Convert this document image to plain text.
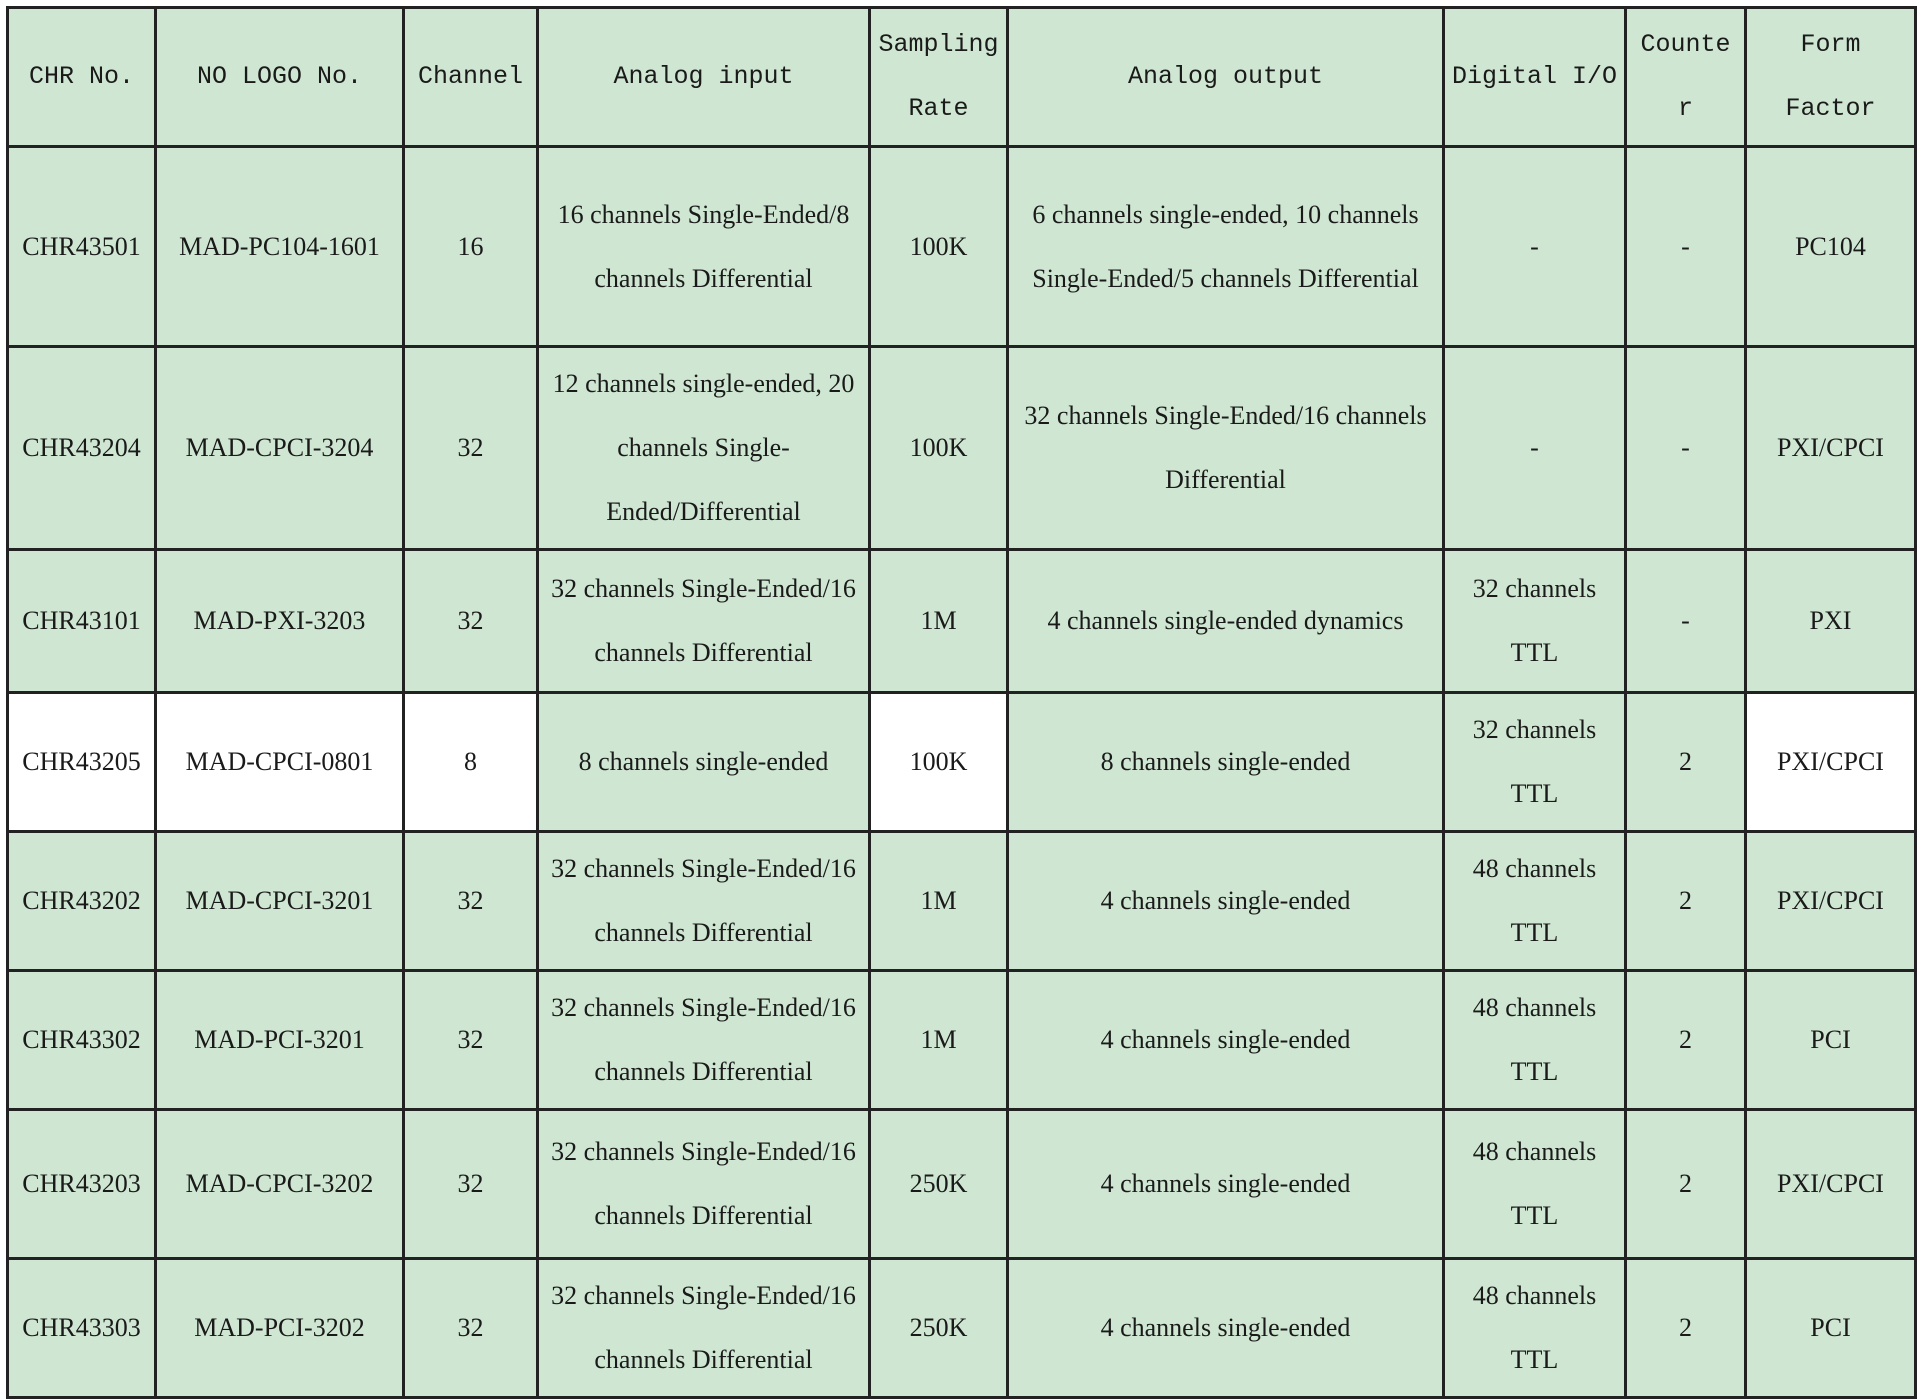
CHR No.	NO LOGO No.	Channel	Analog input	Sampling Rate	Analog output	Digital I/O	Counter	Form Factor
CHR43501	MAD-PC104-1601	16	16 channels Single-Ended/8 channels Differential	100K	6 channels single-ended, 10 channels Single-Ended/5 channels Differential	-	-	PC104
CHR43204	MAD-CPCI-3204	32	12 channels single-ended, 20 channels Single-Ended/Differential	100K	32 channels Single-Ended/16 channels Differential	-	-	PXI/CPCI
CHR43101	MAD-PXI-3203	32	32 channels Single-Ended/16 channels Differential	1M	4 channels single-ended dynamics	32 channels TTL	-	PXI
CHR43205	MAD-CPCI-0801	8	8 channels single-ended	100K	8 channels single-ended	32 channels TTL	2	PXI/CPCI
CHR43202	MAD-CPCI-3201	32	32 channels Single-Ended/16 channels Differential	1M	4 channels single-ended	48 channels TTL	2	PXI/CPCI
CHR43302	MAD-PCI-3201	32	32 channels Single-Ended/16 channels Differential	1M	4 channels single-ended	48 channels TTL	2	PCI
CHR43203	MAD-CPCI-3202	32	32 channels Single-Ended/16 channels Differential	250K	4 channels single-ended	48 channels TTL	2	PXI/CPCI
CHR43303	MAD-PCI-3202	32	32 channels Single-Ended/16 channels Differential	250K	4 channels single-ended	48 channels TTL	2	PCI
